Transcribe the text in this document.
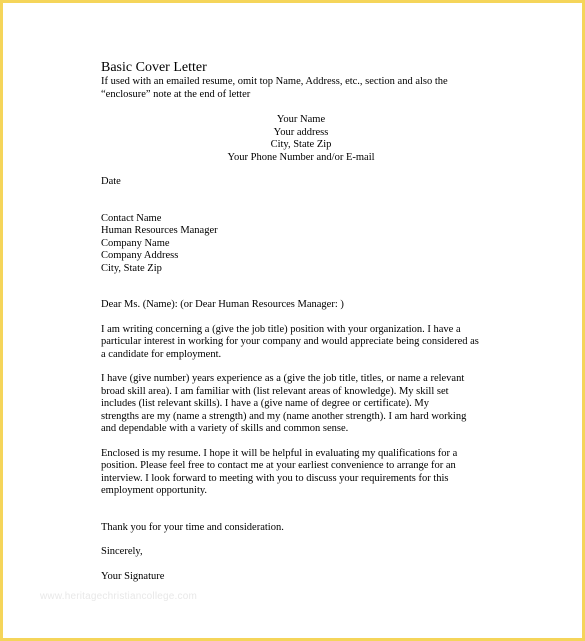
Basic Cover Letter
If used with an emailed resume, omit top Name, Address, etc., section and also the
“enclosure” note at the end of letter
Your Name
Your address
City, State Zip
Your Phone Number and/or E-mail
Date
Contact Name
Human Resources Manager
Company Name
Company Address
City, State Zip
Dear Ms. (Name): (or Dear Human Resources Manager: )
I am writing concerning a (give the job title) position with your organization. I have a
particular interest in working for your company and would appreciate being considered as
a candidate for employment.
I have (give number) years experience as a (give the job title, titles, or name a relevant
broad skill area). I am familiar with (list relevant areas of knowledge). My skill set
includes (list relevant skills). I have a (give name of degree or certificate). My
strengths are my (name a strength) and my (name another strength). I am hard working
and dependable with a variety of skills and common sense.
Enclosed is my resume. I hope it will be helpful in evaluating my qualifications for a
position. Please feel free to contact me at your earliest convenience to arrange for an
interview. I look forward to meeting with you to discuss your requirements for this
employment opportunity.
Thank you for your time and consideration.
Sincerely,
Your Signature
www.heritagechristiancollege.com
